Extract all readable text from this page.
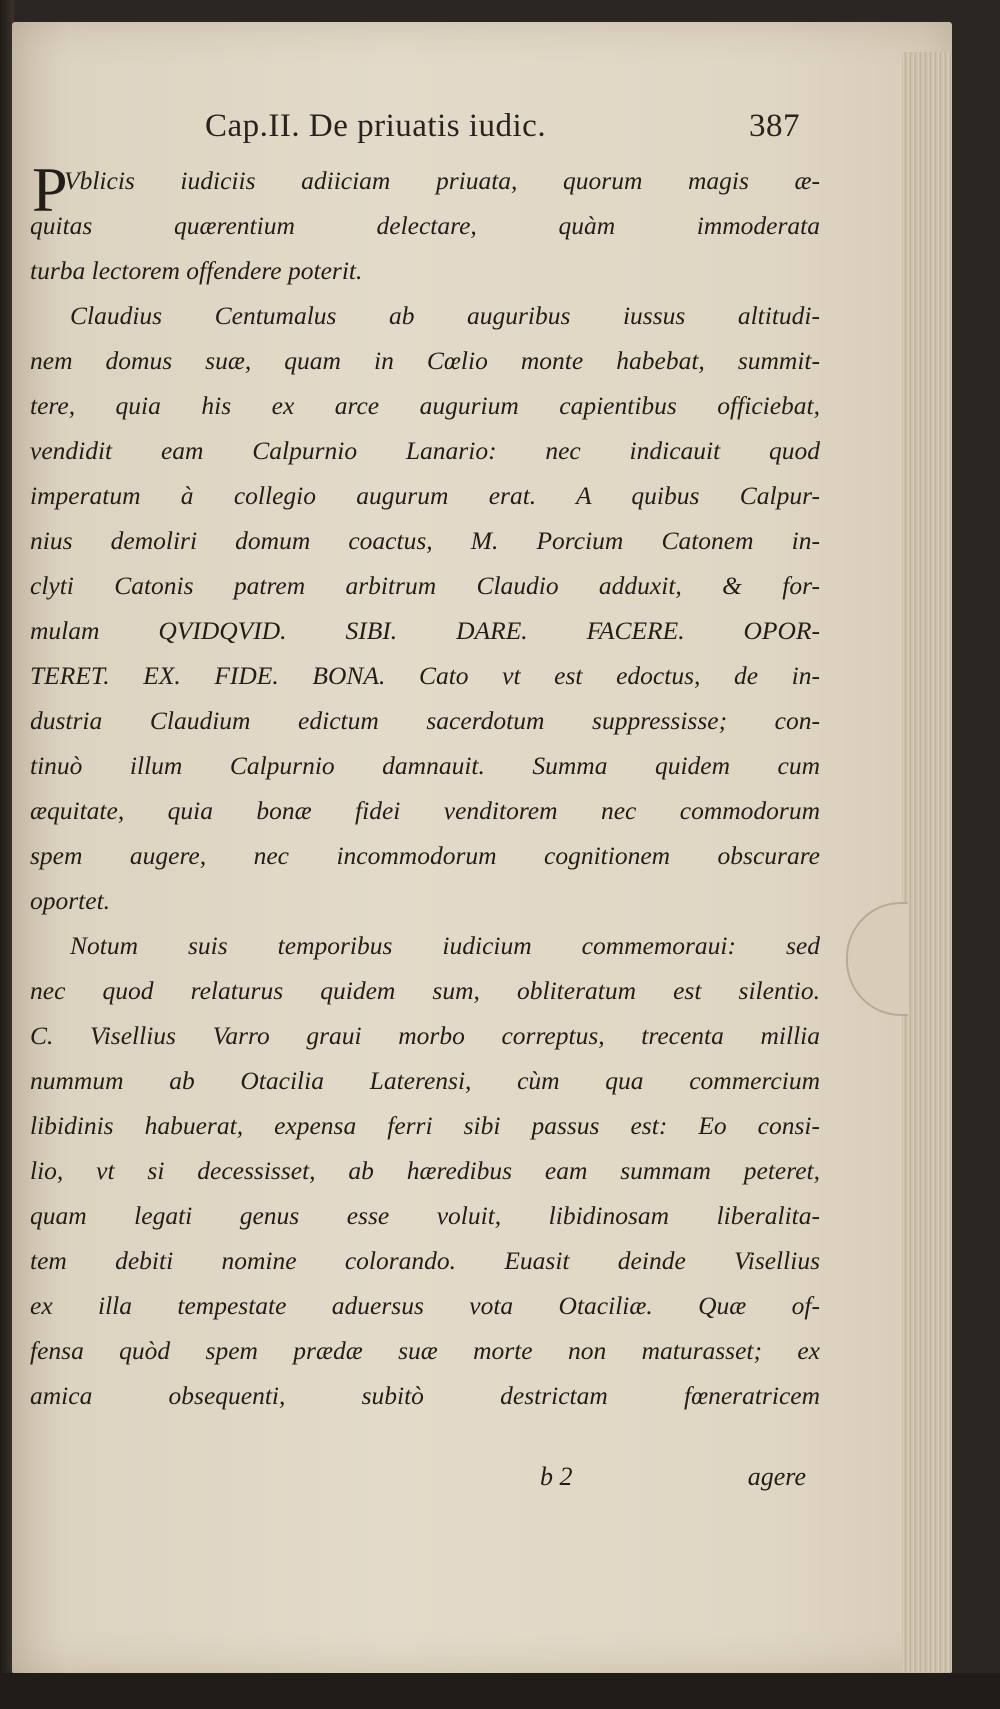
Cap.II. De priuatis iudic.	387
P
Vblicis iudiciis adiiciam priuata, quorum magis æ-
quitas quærentium delectare, quàm immoderata
turba lectorem offendere poterit.
Claudius Centumalus ab auguribus iussus altitudi-
nem domus suæ, quam in Cœlio monte habebat, summit-
tere, quia his ex arce augurium capientibus officiebat,
vendidit eam Calpurnio Lanario: nec indicauit quod
imperatum à collegio augurum erat. A quibus Calpur-
nius demoliri domum coactus, M. Porcium Catonem in-
clyti Catonis patrem arbitrum Claudio adduxit, & for-
mulam QVIDQVID. SIBI. DARE. FACERE. OPOR-
TERET. EX. FIDE. BONA. Cato vt est edoctus, de in-
dustria Claudium edictum sacerdotum suppressisse; con-
tinuò illum Calpurnio damnauit. Summa quidem cum
æquitate, quia bonæ fidei venditorem nec commodorum
spem augere, nec incommodorum cognitionem obscurare
oportet.
Notum suis temporibus iudicium commemoraui: sed
nec quod relaturus quidem sum, obliteratum est silentio.
C. Visellius Varro graui morbo correptus, trecenta millia
nummum ab Otacilia Laterensi, cùm qua commercium
libidinis habuerat, expensa ferri sibi passus est: Eo consi-
lio, vt si decessisset, ab hæredibus eam summam peteret,
quam legati genus esse voluit, libidinosam liberalita-
tem debiti nomine colorando. Euasit deinde Visellius
ex illa tempestate aduersus vota Otaciliæ. Quæ of-
fensa quòd spem prædæ suæ morte non maturasset; ex
amica obsequenti, subitò destrictam fœneratricem
b 2	agere
